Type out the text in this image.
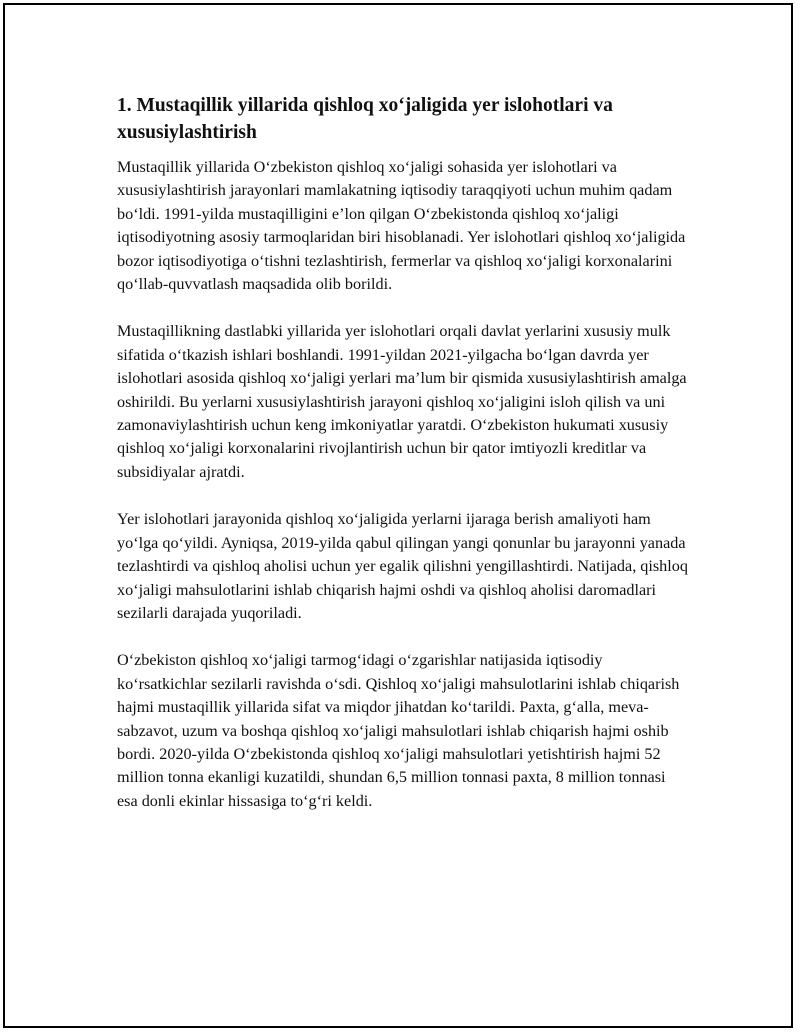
1. Mustaqillik yillarida qishloq xo‘jaligida yer islohotlari va xususiylashtirish

Mustaqillik yillarida O‘zbekiston qishloq xo‘jaligi sohasida yer islohotlari va xususiylashtirish jarayonlari mamlakatning iqtisodiy taraqqiyoti uchun muhim qadam bo‘ldi. 1991-yilda mustaqilligini e’lon qilgan O‘zbekistonda qishloq xo‘jaligi iqtisodiyotning asosiy tarmoqlaridan biri hisoblanadi. Yer islohotlari qishloq xo‘jaligida bozor iqtisodiyotiga o‘tishni tezlashtirish, fermerlar va qishloq xo‘jaligi korxonalarini qo‘llab-quvvatlash maqsadida olib borildi.

Mustaqillikning dastlabki yillarida yer islohotlari orqali davlat yerlarini xususiy mulk sifatida o‘tkazish ishlari boshlandi. 1991-yildan 2021-yilgacha bo‘lgan davrda yer islohotlari asosida qishloq xo‘jaligi yerlari ma’lum bir qismida xususiylashtirish amalga oshirildi. Bu yerlarni xususiylashtirish jarayoni qishloq xo‘jaligini isloh qilish va uni zamonaviylashtirish uchun keng imkoniyatlar yaratdi. O‘zbekiston hukumati xususiy qishloq xo‘jaligi korxonalarini rivojlantirish uchun bir qator imtiyozli kreditlar va subsidiyalar ajratdi.

Yer islohotlari jarayonida qishloq xo‘jaligida yerlarni ijaraga berish amaliyoti ham yo‘lga qo‘yildi. Ayniqsa, 2019-yilda qabul qilingan yangi qonunlar bu jarayonni yanada tezlashtirdi va qishloq aholisi uchun yer egalik qilishni yengillashtirdi. Natijada, qishloq xo‘jaligi mahsulotlarini ishlab chiqarish hajmi oshdi va qishloq aholisi daromadlari sezilarli darajada yuqoriladi.

O‘zbekiston qishloq xo‘jaligi tarmog‘idagi o‘zgarishlar natijasida iqtisodiy ko‘rsatkichlar sezilarli ravishda o‘sdi. Qishloq xo‘jaligi mahsulotlarini ishlab chiqarish hajmi mustaqillik yillarida sifat va miqdor jihatdan ko‘tarildi. Paxta, g‘alla, meva-sabzavot, uzum va boshqa qishloq xo‘jaligi mahsulotlari ishlab chiqarish hajmi oshib bordi. 2020-yilda O‘zbekistonda qishloq xo‘jaligi mahsulotlari yetishtirish hajmi 52 million tonna ekanligi kuzatildi, shundan 6,5 million tonnasi paxta, 8 million tonnasi esa donli ekinlar hissasiga to‘g‘ri keldi.
